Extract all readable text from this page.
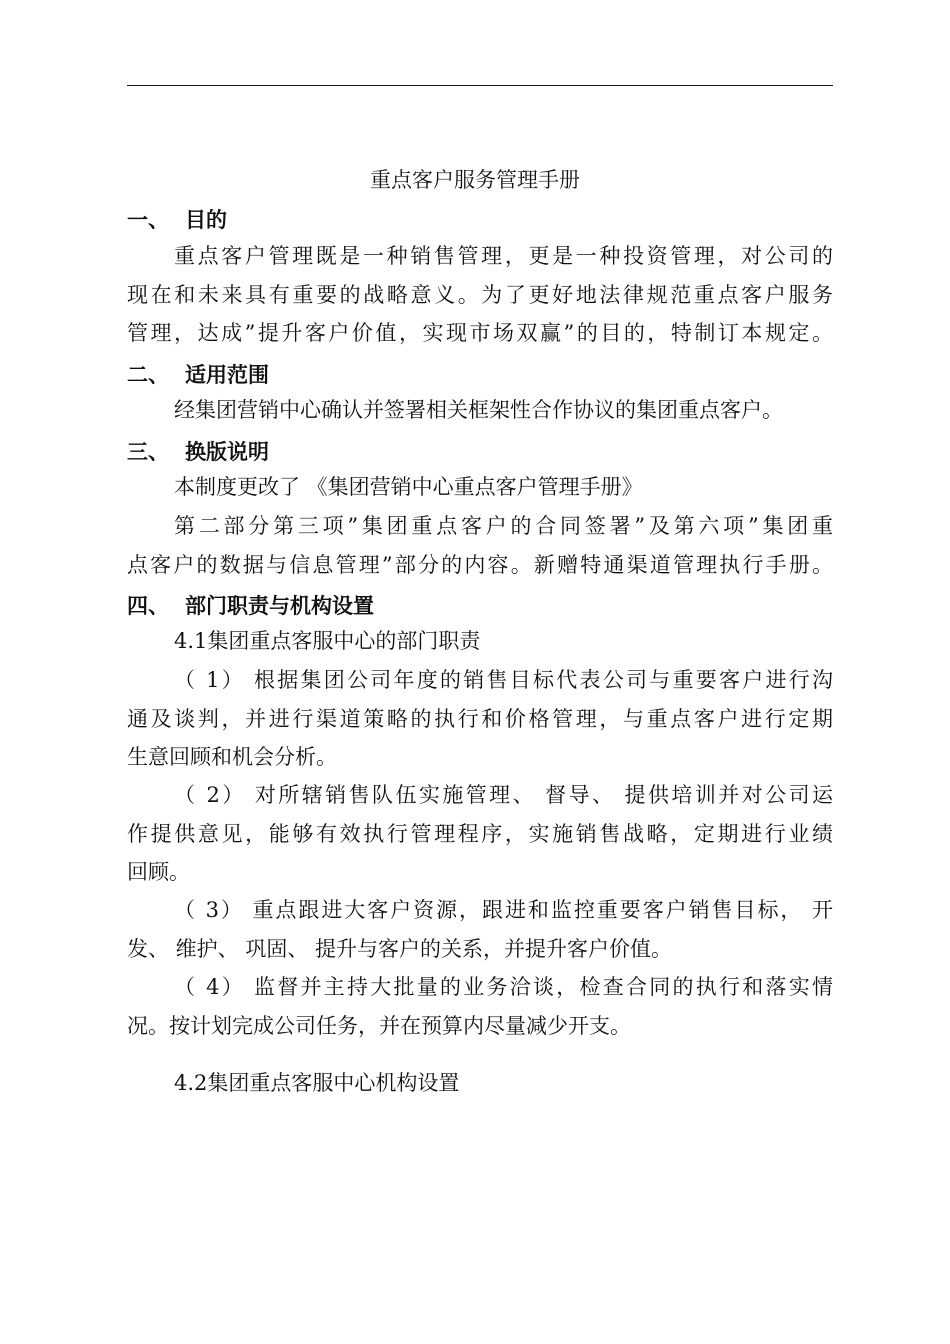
重点客户服务管理手册
一、 目的
重点客户管理既是一种销售管理，更是一种投资管理，对公司的
现在和未来具有重要的战略意义。为了更好地法律规范重点客户服务
管理，达成”提升客户价值，实现市场双赢”的目的，特制订本规定。
二、 适用范围
经集团营销中心确认并签署相关框架性合作协议的集团重点客户。
三、 换版说明
本制度更改了 《集团营销中心重点客户管理手册》
第二部分第三项”集团重点客户的合同签署”及第六项”集团重
点客户的数据与信息管理”部分的内容。新赠特通渠道管理执行手册。
四、 部门职责与机构设置
4.1集团重点客服中心的部门职责
（ 1） 根据集团公司年度的销售目标代表公司与重要客户进行沟
通及谈判，并进行渠道策略的执行和价格管理，与重点客户进行定期
生意回顾和机会分析。
（ 2） 对所辖销售队伍实施管理、 督导、 提供培训并对公司运
作提供意见，能够有效执行管理程序，实施销售战略，定期进行业绩
回顾。
（ 3） 重点跟进大客户资源，跟进和监控重要客户销售目标， 开
发、 维护、 巩固、 提升与客户的关系，并提升客户价值。
（ 4） 监督并主持大批量的业务洽谈，检查合同的执行和落实情
况。按计划完成公司任务，并在预算内尽量减少开支。
4.2集团重点客服中心机构设置
